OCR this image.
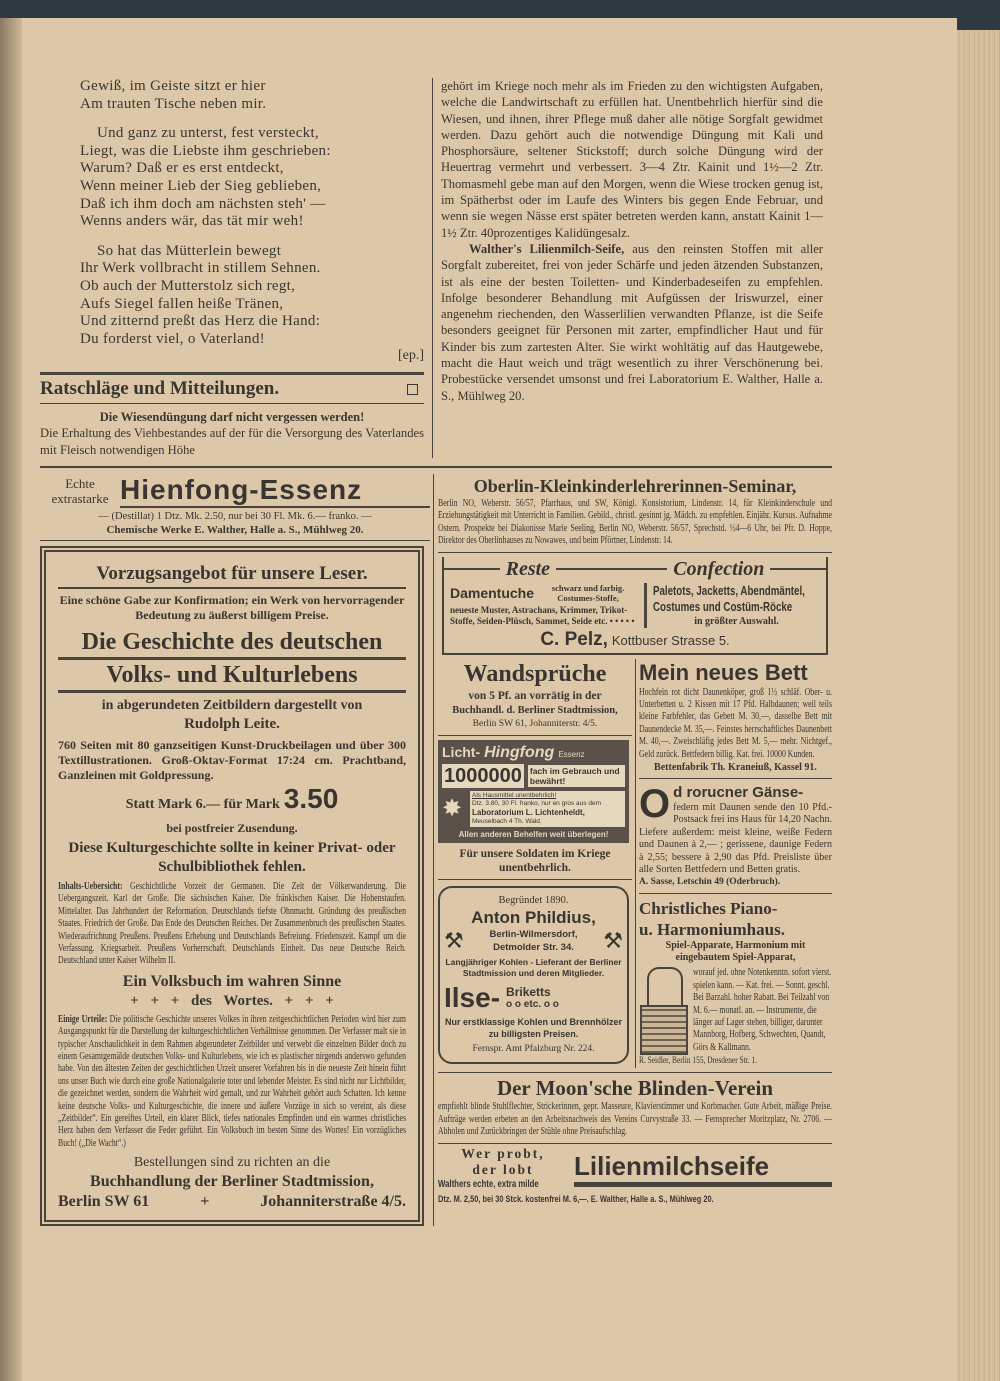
Gewiß, im Geiste sitzt er hier
Am trauten Tische neben mir.
Und ganz zu unterst, fest versteckt,
Liegt, was die Liebste ihm geschrieben:
Warum? Daß er es erst entdeckt,
Wenn meiner Lieb der Sieg geblieben,
Daß ich ihm doch am nächsten steh' —
Wenns anders wär, das tät mir weh!
So hat das Mütterlein bewegt
Ihr Werk vollbracht in stillem Sehnen.
Ob auch der Mutterstolz sich regt,
Aufs Siegel fallen heiße Tränen,
Und zitternd preßt das Herz die Hand:
Du forderst viel, o Vaterland!
[ep.]
Ratschläge und Mitteilungen.
Die Wiesendüngung darf nicht vergessen werden!
Die Erhaltung des Viehbestandes auf der für die Versorgung des Vaterlandes mit Fleisch notwendigen Höhe
gehört im Kriege noch mehr als im Frieden zu den wichtigsten Aufgaben, welche die Landwirtschaft zu erfüllen hat. Unentbehrlich hierfür sind die Wiesen, und ihnen, ihrer Pflege muß daher alle nötige Sorgfalt gewidmet werden. Dazu gehört auch die notwendige Düngung mit Kali und Phosphorsäure, seltener Stickstoff; durch solche Düngung wird der Heuertrag vermehrt und verbessert. 3—4 Ztr. Kainit und 1½—2 Ztr. Thomasmehl gebe man auf den Morgen, wenn die Wiese trocken genug ist, im Spätherbst oder im Laufe des Winters bis gegen Ende Februar, und wenn sie wegen Nässe erst später betreten werden kann, anstatt Kainit 1—1½ Ztr. 40prozentiges Kalidüngesalz.
Walther's Lilienmilch-Seife, aus den reinsten Stoffen mit aller Sorgfalt zubereitet, frei von jeder Schärfe und jeden ätzenden Substanzen, ist als eine der besten Toiletten- und Kinderbadeseifen zu empfehlen. Infolge besonderer Behandlung mit Aufgüssen der Iriswurzel, einer angenehm riechenden, den Wasserlilien verwandten Pflanze, ist die Seife besonders geeignet für Personen mit zarter, empfindlicher Haut und für Kinder bis zum zartesten Alter. Sie wirkt wohltätig auf das Hautgewebe, macht die Haut weich und trägt wesentlich zu ihrer Verschönerung bei. Probestücke versendet umsonst und frei Laboratorium E. Walther, Halle a. S., Mühlweg 20.
Echte
extrastarke Hienfong-Essenz
— (Destillat) 1 Dtz. Mk. 2.50, nur bei 30 Fl. Mk. 6.— franko. —
Chemische Werke E. Walther, Halle a. S., Mühlweg 20.
Vorzugsangebot für unsere Leser.
Eine schöne Gabe zur Konfirmation; ein Werk von hervorragender Bedeutung zu äußerst billigem Preise.
Die Geschichte des deutschen
Volks- und Kulturlebens
in abgerundeten Zeitbildern dargestellt von
Rudolph Leite.
760 Seiten mit 80 ganzseitigen Kunst-Druckbeilagen und über 300 Textillustrationen. Groß-Oktav-Format 17:24 cm. Prachtband, Ganzleinen mit Goldpressung.
Statt Mark 6.— für Mark 3.50
bei postfreier Zusendung.
Diese Kulturgeschichte sollte in keiner Privat- oder Schulbibliothek fehlen.
Inhalts-Uebersicht: Geschichtliche Vorzeit der Germanen. Die Zeit der Völkerwanderung. Die Uebergangszeit. Karl der Große. Die sächsischen Kaiser. Die fränkischen Kaiser. Die Hohenstaufen. Mittelalter. Das Jahrhundert der Reformation. Deutschlands tiefste Ohnmacht. Gründung des preußischen Staates. Friedrich der Große. Das Ende des Deutschen Reiches. Der Zusammenbruch des preußischen Staates. Wiederaufrichtung Preußens. Preußens Erhebung und Deutschlands Befreiung. Friedenszeit. Kampf um die Verfassung. Kriegsarbeit. Preußens Vorherrschaft. Deutschlands Einheit. Das neue Deutsche Reich. Deutschland unter Kaiser Wilhelm II.
Ein Volksbuch im wahren Sinne
+ + + des Wortes. + + +
Einige Urteile: Die politische Geschichte unseres Volkes in ihren zeitgeschichtlichen Perioden wird hier zum Ausgangspunkt für die Darstellung der kulturgeschichtlichen Verhältnisse genommen. Der Verfasser malt sie in typischer Anschaulichkeit in dem Rahmen abgerundeter Zeitbilder und verwebt die einzelnen Bilder doch zu einem Gesamtgemälde deutschen Volks- und Kulturlebens, wie ich es plastischer nirgends anderswo gefunden habe. Von den ältesten Zeiten der geschichtlichen Urzeit unserer Vorfahren bis in die neueste Zeit hinein führt uns unser Buch wie durch eine große Nationalgalerie toter und lebender Meister. Es sind nicht nur Lichtbilder, die gezeichnet werden, sondern die Wahrheit wird gemalt, und zur Wahrheit gehört auch Schatten. Ich kenne keine deutsche Volks- und Kulturgeschichte, die innere und äußere Vorzüge in sich so vereint, als diese „Zeitbilder“. Ein gereiftes Urteil, ein klarer Blick, tiefes nationales Empfinden und ein warmes christliches Herz haben dem Verfasser die Feder geführt. Ein Volksbuch im besten Sinne des Wortes! Ein vorzügliches Buch! („Die Wacht“.)
Bestellungen sind zu richten an die
Buchhandlung der Berliner Stadtmission,
Berlin SW 61	+	Johanniterstraße 4/5.
Oberlin-Kleinkinderlehrerinnen-Seminar,
Berlin NO, Weberstr. 56/57, Pfarrhaus, und SW, Königl. Konsistorium, Lindenstr. 14, für Kleinkinderschule und Erziehungstätigkeit mit Unterricht in Familien. Gebild., christl. gesinnt jg. Mädch. zu empfehlen. Einjähr. Kursus. Aufnahme Ostern. Prospekte bei Diakonisse Marie Seeling, Berlin NO, Weberstr. 56/57, Sprechstd. ½4—6 Uhr, bei Pfr. D. Hoppe, Direktor des Oberlinhauses zu Nowawes, und beim Pförtner, Lindenstr. 14.
Reste	Confection
Damentuche	schwarz und farbig. Costumes-Stoffe,
neueste Muster, Astrachans, Krimmer, Trikot-Stoffe, Seiden-Plüsch, Sammet, Seide etc. • • • • •
Paletots, Jacketts, Abendmäntel,
Costumes und Costüm-Röcke
in größter Auswahl.
C. Pelz, Kottbuser Strasse 5.
Wandsprüche
von 5 Pf. an vorrätig in der
Buchhandl. d. Berliner Stadtmission,
Berlin SW 61, Johanniterstr. 4/5.
Licht- Hingfong Essenz
1000000 fach im Gebrauch und bewährt!
✸
Als Hausmittel unentbehrlich!
Dtz. 3.80, 30 Fl. franko, nur en gros aus dem
Laboratorium L. Lichtenheldt,
Meuselbach 4 Th. Wald.
Allen anderen Behelfen weit überlegen!
Für unsere Soldaten im Kriege unentbehrlich.
Begründet 1890.
Anton Phildius,
⚒	Berlin-Wilmersdorf,
Detmolder Str. 34.	⚒
Langjähriger Kohlen - Lieferant der Berliner Stadtmission und deren Mitglieder.
Ilse- Briketts
o o etc. o o
Nur erstklassige Kohlen und Brennhölzer zu billigsten Preisen.
Fernspr. Amt Pfalzburg Nr. 224.
Mein neues Bett
Hochfein rot dicht Daunenköper, groß 1½ schläf. Ober- u. Unterbetten u. 2 Kissen mit 17 Pfd. Halbdaunen; weil teils kleine Farbfehler, das Gebett M. 30,—, dasselbe Bett mit Daunendecke M. 35,—. Feinstes herrschaftliches Daunenbett M. 40,—. Zweischläfig jedes Bett M. 5,— mehr. Nichtgef., Geld zurück. Bettfedern billig. Kat. frei. 10000 Kunden.
Bettenfabrik Th. Kraneiuß, Kassel 91.
O d rorucner Gänse-
federn mit Daunen sende den 10 Pfd.-Postsack frei ins Haus für 14,20 Nachn. Liefere außerdem: meist kleine, weiße Federn und Daunen à 2,— ; gerissene, daunige Federn à 2,55; bessere à 2,90 das Pfd. Preisliste über alle Sorten Bettfedern und Betten gratis.
A. Sasse, Letschin 49 (Oderbruch).
Christliches Piano-
u. Harmoniumhaus.
Spiel-Apparate, Harmonium mit eingebautem Spiel-Apparat,
worauf jed. ohne Notenkenntn. sofort vierst. spielen kann. — Kat. frei. — Sonnt. geschl. Bei Barzahl. hoher Rabatt. Bei Teilzahl von M. 6.— monatl. an. — Instrumente, die länger auf Lager stehen, billiger, darunter Mannborg, Hofberg, Schwechten, Quandt, Görs & Kallmann.
R. Seidler, Berlin 155, Dresdener Str. 1.
Der Moon'sche Blinden-Verein
empfiehlt blinde Stuhlflechter, Strickerinnen, gepr. Masseure, Klavierstimmer und Korbmacher. Gute Arbeit, mäßige Preise. Aufträge werden erbeten an den Arbeitsnachweis des Vereins Curvystraße 33. — Fernsprecher Moritzplatz, Nr. 2706. — Abholen und Zurückbringen der Stühle ohne Preisaufschlag.
Wer probt,
der lobt
Walthers echte, extra milde
Lilienmilchseife
Dtz. M. 2,50, bei 30 Stck. kostenfrei M. 6,—. E. Walther, Halle a. S., Mühlweg 20.
